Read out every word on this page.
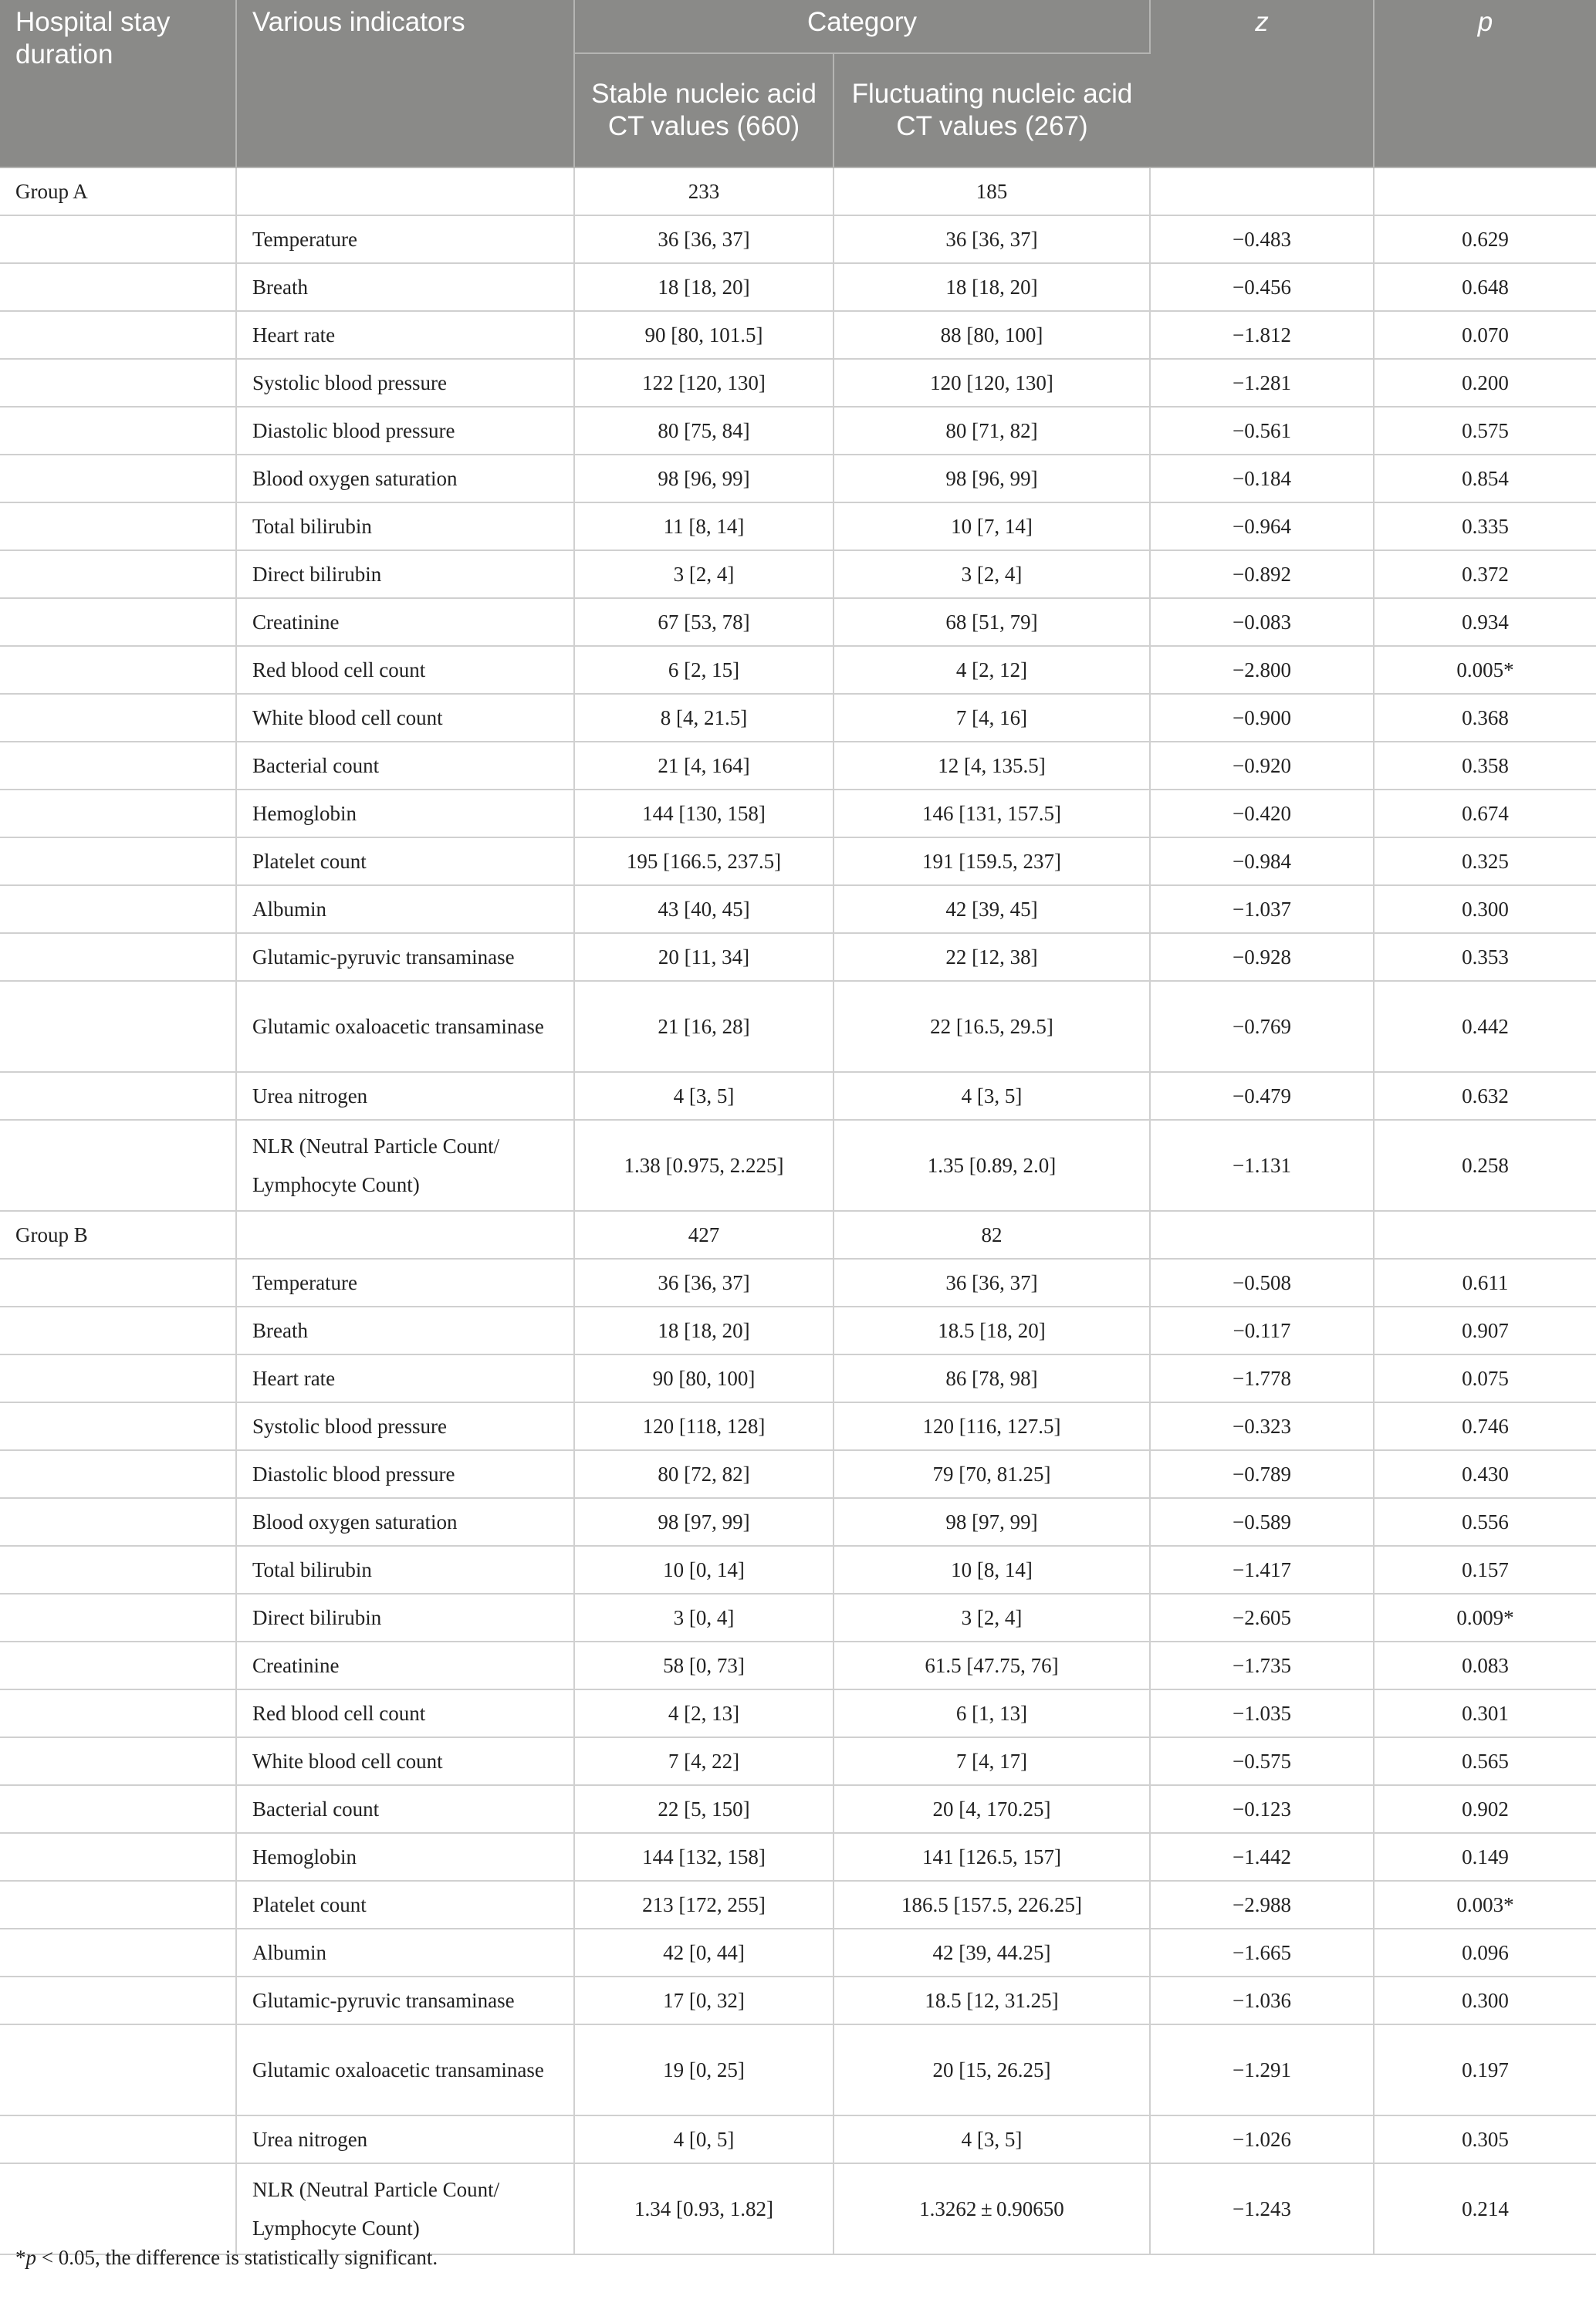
Hospital stay duration	Various indicators	Category		z	p
		Stable nucleic acid CT values (660)	Fluctuating nucleic acid CT values (267)		
Group A		233	185		
	Temperature	36 [36, 37]	36 [36, 37]	−0.483	0.629
	Breath	18 [18, 20]	18 [18, 20]	−0.456	0.648
	Heart rate	90 [80, 101.5]	88 [80, 100]	−1.812	0.070
	Systolic blood pressure	122 [120, 130]	120 [120, 130]	−1.281	0.200
	Diastolic blood pressure	80 [75, 84]	80 [71, 82]	−0.561	0.575
	Blood oxygen saturation	98 [96, 99]	98 [96, 99]	−0.184	0.854
	Total bilirubin	11 [8, 14]	10 [7, 14]	−0.964	0.335
	Direct bilirubin	3 [2, 4]	3 [2, 4]	−0.892	0.372
	Creatinine	67 [53, 78]	68 [51, 79]	−0.083	0.934
	Red blood cell count	6 [2, 15]	4 [2, 12]	−2.800	0.005*
	White blood cell count	8 [4, 21.5]	7 [4, 16]	−0.900	0.368
	Bacterial count	21 [4, 164]	12 [4, 135.5]	−0.920	0.358
	Hemoglobin	144 [130, 158]	146 [131, 157.5]	−0.420	0.674
	Platelet count	195 [166.5, 237.5]	191 [159.5, 237]	−0.984	0.325
	Albumin	43 [40, 45]	42 [39, 45]	−1.037	0.300
	Glutamic-pyruvic transaminase	20 [11, 34]	22 [12, 38]	−0.928	0.353
	Glutamic oxaloacetic transaminase	21 [16, 28]	22 [16.5, 29.5]	−0.769	0.442
	Urea nitrogen	4 [3, 5]	4 [3, 5]	−0.479	0.632
	NLR (Neutral Particle Count/ Lymphocyte Count)	1.38 [0.975, 2.225]	1.35 [0.89, 2.0]	−1.131	0.258
Group B		427	82		
	Temperature	36 [36, 37]	36 [36, 37]	−0.508	0.611
	Breath	18 [18, 20]	18.5 [18, 20]	−0.117	0.907
	Heart rate	90 [80, 100]	86 [78, 98]	−1.778	0.075
	Systolic blood pressure	120 [118, 128]	120 [116, 127.5]	−0.323	0.746
	Diastolic blood pressure	80 [72, 82]	79 [70, 81.25]	−0.789	0.430
	Blood oxygen saturation	98 [97, 99]	98 [97, 99]	−0.589	0.556
	Total bilirubin	10 [0, 14]	10 [8, 14]	−1.417	0.157
	Direct bilirubin	3 [0, 4]	3 [2, 4]	−2.605	0.009*
	Creatinine	58 [0, 73]	61.5 [47.75, 76]	−1.735	0.083
	Red blood cell count	4 [2, 13]	6 [1, 13]	−1.035	0.301
	White blood cell count	7 [4, 22]	7 [4, 17]	−0.575	0.565
	Bacterial count	22 [5, 150]	20 [4, 170.25]	−0.123	0.902
	Hemoglobin	144 [132, 158]	141 [126.5, 157]	−1.442	0.149
	Platelet count	213 [172, 255]	186.5 [157.5, 226.25]	−2.988	0.003*
	Albumin	42 [0, 44]	42 [39, 44.25]	−1.665	0.096
	Glutamic-pyruvic transaminase	17 [0, 32]	18.5 [12, 31.25]	−1.036	0.300
	Glutamic oxaloacetic transaminase	19 [0, 25]	20 [15, 26.25]	−1.291	0.197
	Urea nitrogen	4 [0, 5]	4 [3, 5]	−1.026	0.305
	NLR (Neutral Particle Count/ Lymphocyte Count)	1.34 [0.93, 1.82]	1.3262 ± 0.90650	−1.243	0.214
*p < 0.05, the difference is statistically significant.
